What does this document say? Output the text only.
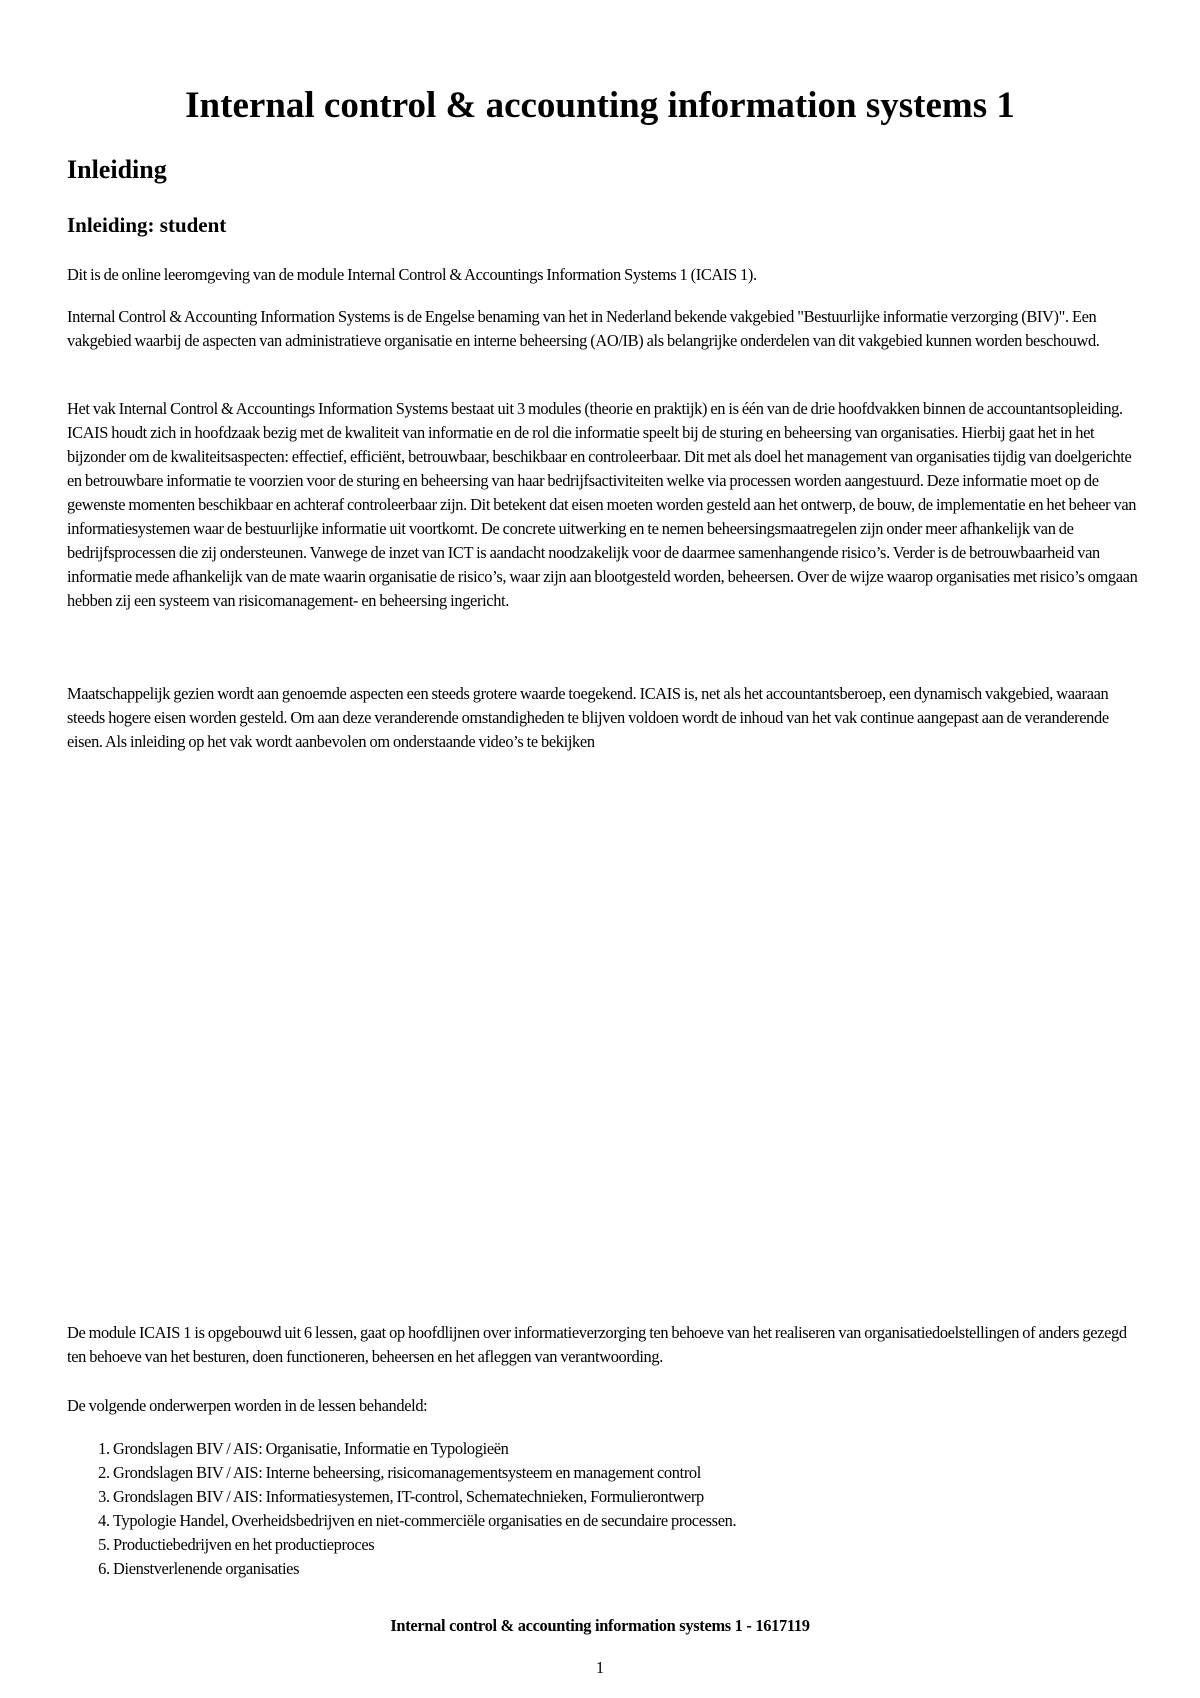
Internal control & accounting information systems 1
Inleiding
Inleiding: student

Dit is de online leeromgeving van de module Internal Control & Accountings Information Systems 1 (ICAIS 1).

Internal Control & Accounting Information Systems is de Engelse benaming van het in Nederland bekende vakgebied "Bestuurlijke informatie verzorging (BIV)". Een vakgebied waarbij de aspecten van administratieve organisatie en interne beheersing (AO/IB) als belangrijke onderdelen van dit vakgebied kunnen worden beschouwd.

Het vak Internal Control & Accountings Information Systems bestaat uit 3 modules (theorie en praktijk) en is één van de drie hoofdvakken binnen de accountantsopleiding. ICAIS houdt zich in hoofdzaak bezig met de kwaliteit van informatie en de rol die informatie speelt bij de sturing en beheersing van organisaties. Hierbij gaat het in het bijzonder om de kwaliteitsaspecten: effectief, efficiënt, betrouwbaar, beschikbaar en controleerbaar. Dit met als doel het management van organisaties tijdig van doelgerichte en betrouwbare informatie te voorzien voor de sturing en beheersing van haar bedrijfsactiviteiten welke via processen worden aangestuurd. Deze informatie moet op de gewenste momenten beschikbaar en achteraf controleerbaar zijn. Dit betekent dat eisen moeten worden gesteld aan het ontwerp, de bouw, de implementatie en het beheer van informatiesystemen waar de bestuurlijke informatie uit voortkomt. De concrete uitwerking en te nemen beheersingsmaatregelen zijn onder meer afhankelijk van de bedrijfsprocessen die zij ondersteunen. Vanwege de inzet van ICT is aandacht noodzakelijk voor de daarmee samenhangende risico’s. Verder is de betrouwbaarheid van informatie mede afhankelijk van de mate waarin organisatie de risico’s, waar zijn aan blootgesteld worden, beheersen. Over de wijze waarop organisaties met risico’s omgaan hebben zij een systeem van risicomanagement- en beheersing ingericht.

Maatschappelijk gezien wordt aan genoemde aspecten een steeds grotere waarde toegekend. ICAIS is, net als het accountantsberoep, een dynamisch vakgebied, waaraan steeds hogere eisen worden gesteld. Om aan deze veranderende omstandigheden te blijven voldoen wordt de inhoud van het vak continue aangepast aan de veranderende eisen. Als inleiding op het vak wordt aanbevolen om onderstaande video’s te bekijken

De module ICAIS 1 is opgebouwd uit 6 lessen, gaat op hoofdlijnen over informatieverzorging ten behoeve van het realiseren van organisatiedoelstellingen of anders gezegd ten behoeve van het besturen, doen functioneren, beheersen en het afleggen van verantwoording.

De volgende onderwerpen worden in de lessen behandeld:

1. Grondslagen BIV / AIS: Organisatie, Informatie en Typologieën
2. Grondslagen BIV / AIS: Interne beheersing, risicomanagementsysteem en management control
3. Grondslagen BIV / AIS: Informatiesystemen, IT-control, Schematechnieken, Formulierontwerp
4. Typologie Handel, Overheidsbedrijven en niet-commerciële organisaties en de secundaire processen.
5. Productiebedrijven en het productieproces
6. Dienstverlenende organisaties

Internal control & accounting information systems 1 - 1617119

1
